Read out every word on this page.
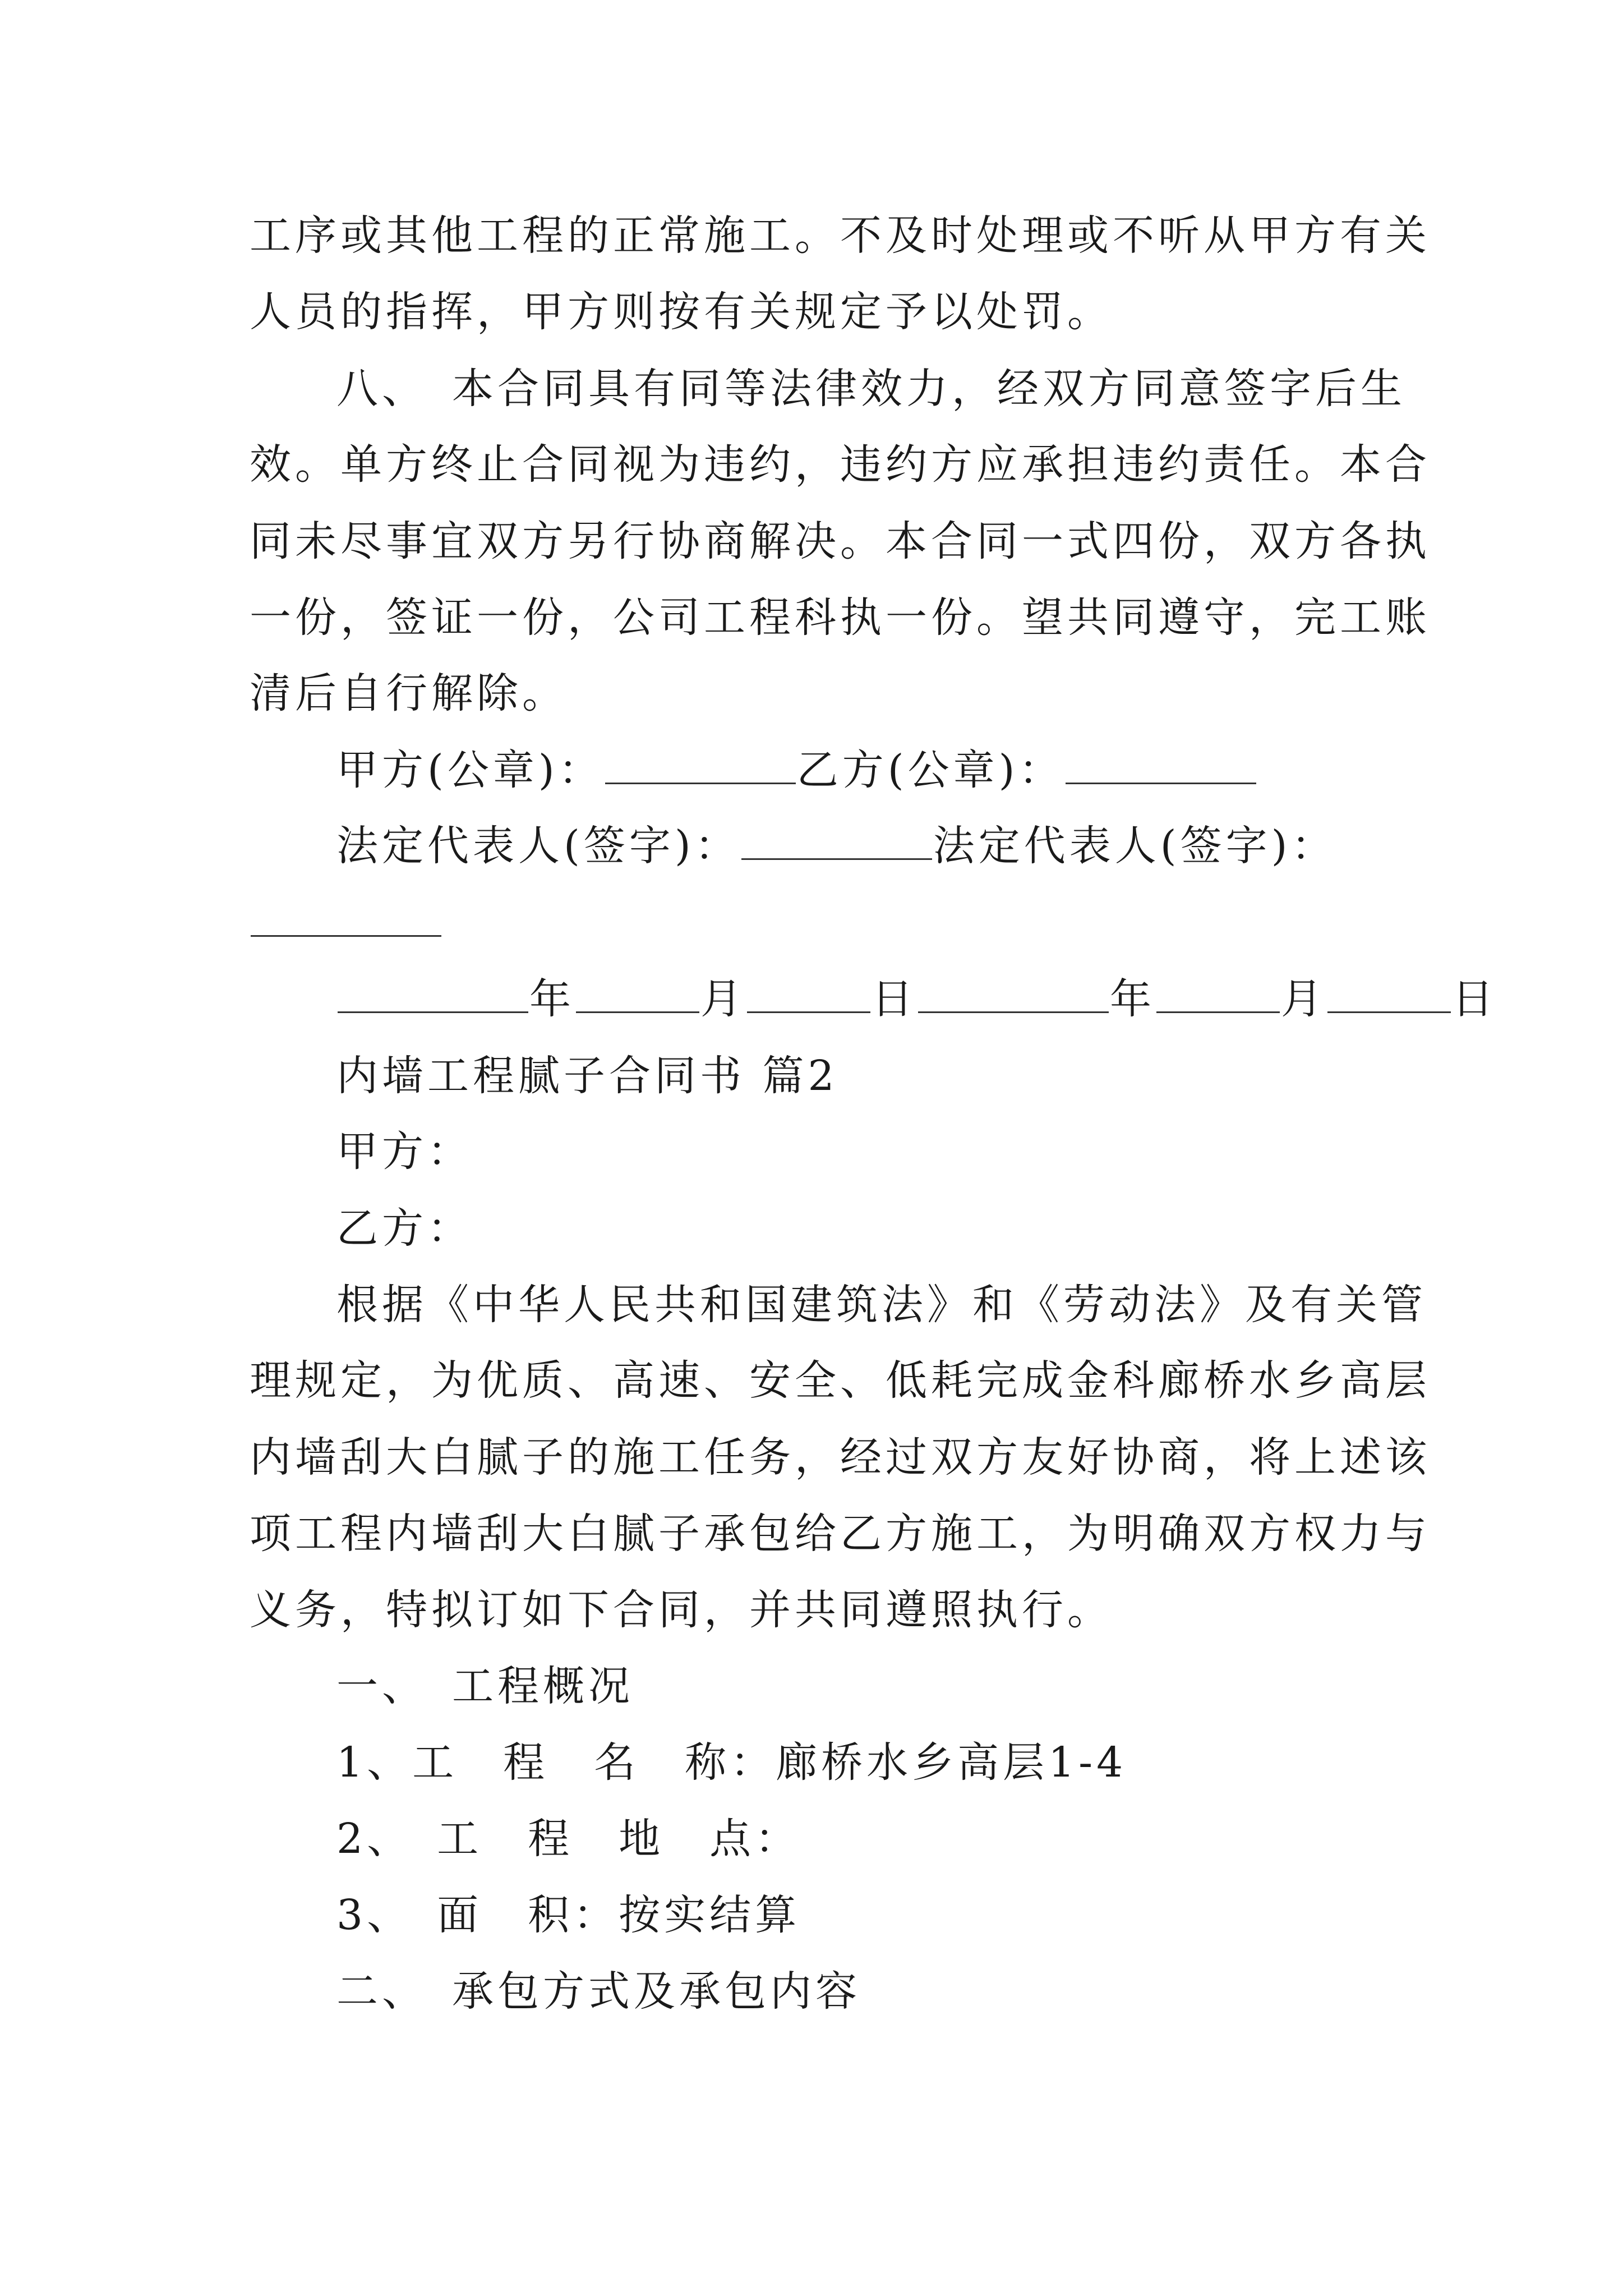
工序或其他工程的正常施工。不及时处理或不听从甲方有关
人员的指挥，甲方则按有关规定予以处罚。
八、　本合同具有同等法律效力，经双方同意签字后生
效。单方终止合同视为违约，违约方应承担违约责任。本合
同未尽事宜双方另行协商解决。本合同一式四份，双方各执
一份，签证一份，公司工程科执一份。望共同遵守，完工账
清后自行解除。
甲方(公章)：	乙方(公章)：
法定代表人(签字)：	法定代表人(签字)：
年	月	日	年	月	日
内墙工程腻子合同书 篇2
甲方：
乙方：
根据《中华人民共和国建筑法》和《劳动法》及有关管
理规定，为优质、高速、安全、低耗完成金科廊桥水乡高层
内墙刮大白腻子的施工任务，经过双方友好协商，将上述该
项工程内墙刮大白腻子承包给乙方施工，为明确双方权力与
义务，特拟订如下合同，并共同遵照执行。
一、　工程概况
1、工　程　名　称：廊桥水乡高层1-4
2、　工　程　地　点：
3、　面　积：按实结算
二、　承包方式及承包内容
